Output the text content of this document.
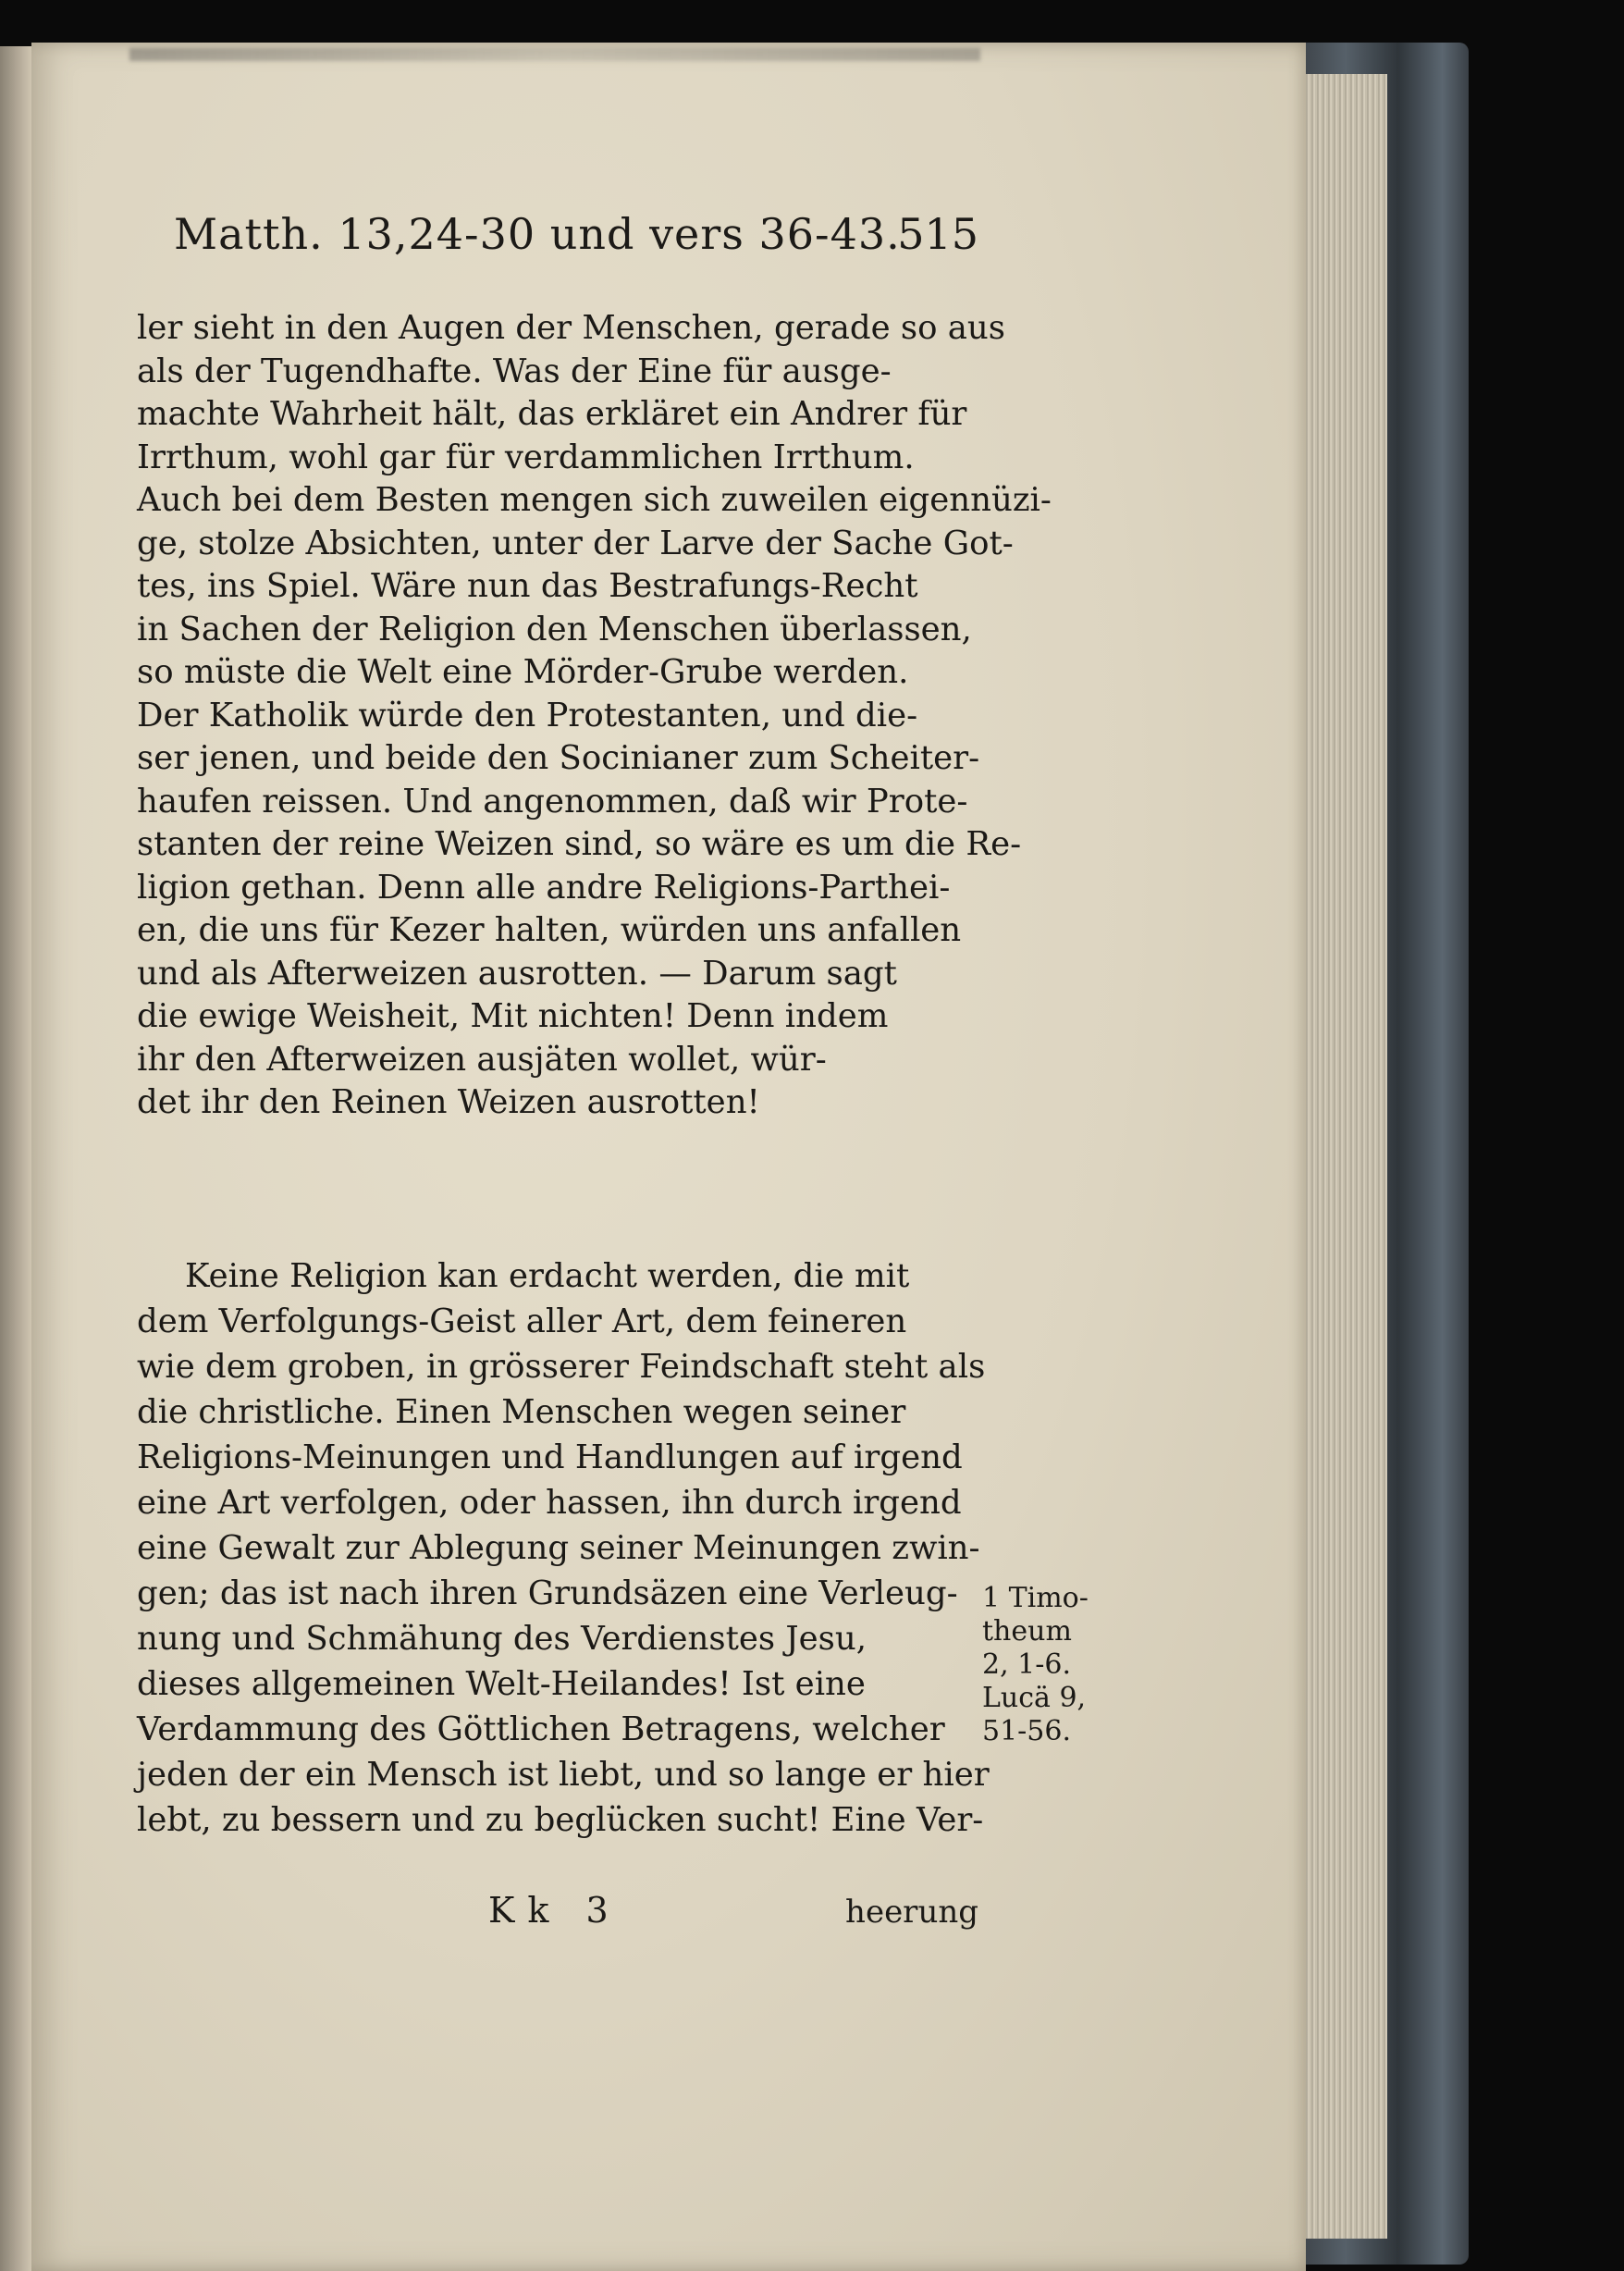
Matth. 13,24-30 und vers 36-43.
515
ler sieht in den Augen der Menschen, gerade so aus
als der Tugendhafte. Was der Eine für ausge-
machte Wahrheit hält, das erkläret ein Andrer für
Irrthum, wohl gar für verdammlichen Irrthum.
Auch bei dem Besten mengen sich zuweilen eigennüzi-
ge, stolze Absichten, unter der Larve der Sache Got-
tes, ins Spiel. Wäre nun das Bestrafungs-Recht
in Sachen der Religion den Menschen überlassen,
so müste die Welt eine Mörder-Grube werden.
Der Katholik würde den Protestanten, und die-
ser jenen, und beide den Socinianer zum Scheiter-
haufen reissen. Und angenommen, daß wir Prote-
stanten der reine Weizen sind, so wäre es um die Re-
ligion gethan. Denn alle andre Religions-Parthei-
en, die uns für Kezer halten, würden uns anfallen
und als Afterweizen ausrotten. — Darum sagt
die ewige Weisheit, Mit nichten! Denn indem
ihr den Afterweizen ausjäten wollet, wür-
det ihr den Reinen Weizen ausrotten!
Keine Religion kan erdacht werden, die mit
dem Verfolgungs-Geist aller Art, dem feineren
wie dem groben, in grösserer Feindschaft steht als
die christliche. Einen Menschen wegen seiner
Religions-Meinungen und Handlungen auf irgend
eine Art verfolgen, oder hassen, ihn durch irgend
eine Gewalt zur Ablegung seiner Meinungen zwin-
gen; das ist nach ihren Grundsäzen eine Verleug-
nung und Schmähung des Verdienstes Jesu,
dieses allgemeinen Welt-Heilandes! Ist eine
Verdammung des Göttlichen Betragens, welcher
jeden der ein Mensch ist liebt, und so lange er hier
lebt, zu bessern und zu beglücken sucht! Eine Ver-
1 Timo-
theum
2, 1-6.
Lucä 9,
51-56.
Kk 3	heerung
